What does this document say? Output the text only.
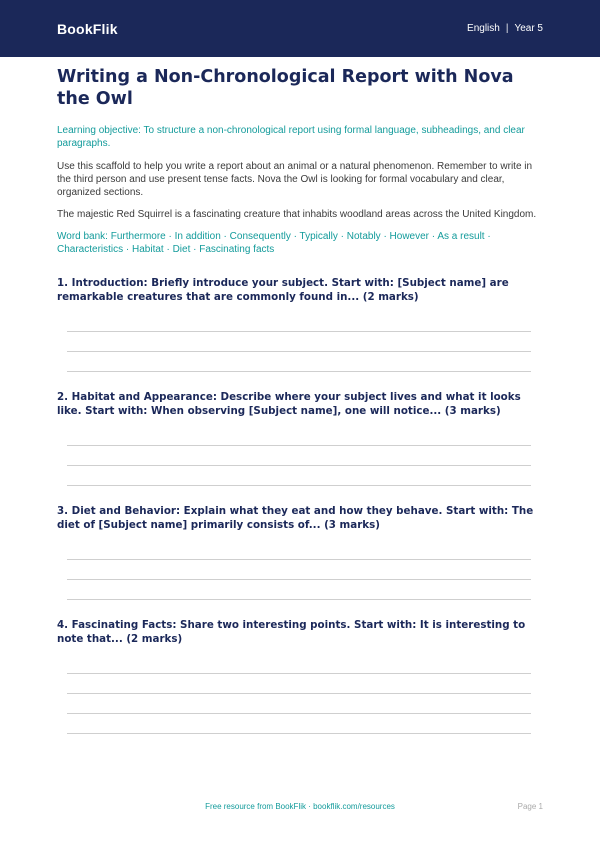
BookFlik	English | Year 5
Writing a Non-Chronological Report with Nova the Owl

Learning objective: To structure a non-chronological report using formal language, subheadings, and clear paragraphs.

Use this scaffold to help you write a report about an animal or a natural phenomenon. Remember to write in the third person and use present tense facts. Nova the Owl is looking for formal vocabulary and clear, organized sections.

The majestic Red Squirrel is a fascinating creature that inhabits woodland areas across the United Kingdom.

Word bank: Furthermore · In addition · Consequently · Typically · Notably · However · As a result · Characteristics · Habitat · Diet · Fascinating facts

1. Introduction: Briefly introduce your subject. Start with: [Subject name] are remarkable creatures that are commonly found in... (2 marks)

2. Habitat and Appearance: Describe where your subject lives and what it looks like. Start with: When observing [Subject name], one will notice... (3 marks)

3. Diet and Behavior: Explain what they eat and how they behave. Start with: The diet of [Subject name] primarily consists of... (3 marks)

4. Fascinating Facts: Share two interesting points. Start with: It is interesting to note that... (2 marks)

Free resource from BookFlik · bookflik.com/resources	Page 1
